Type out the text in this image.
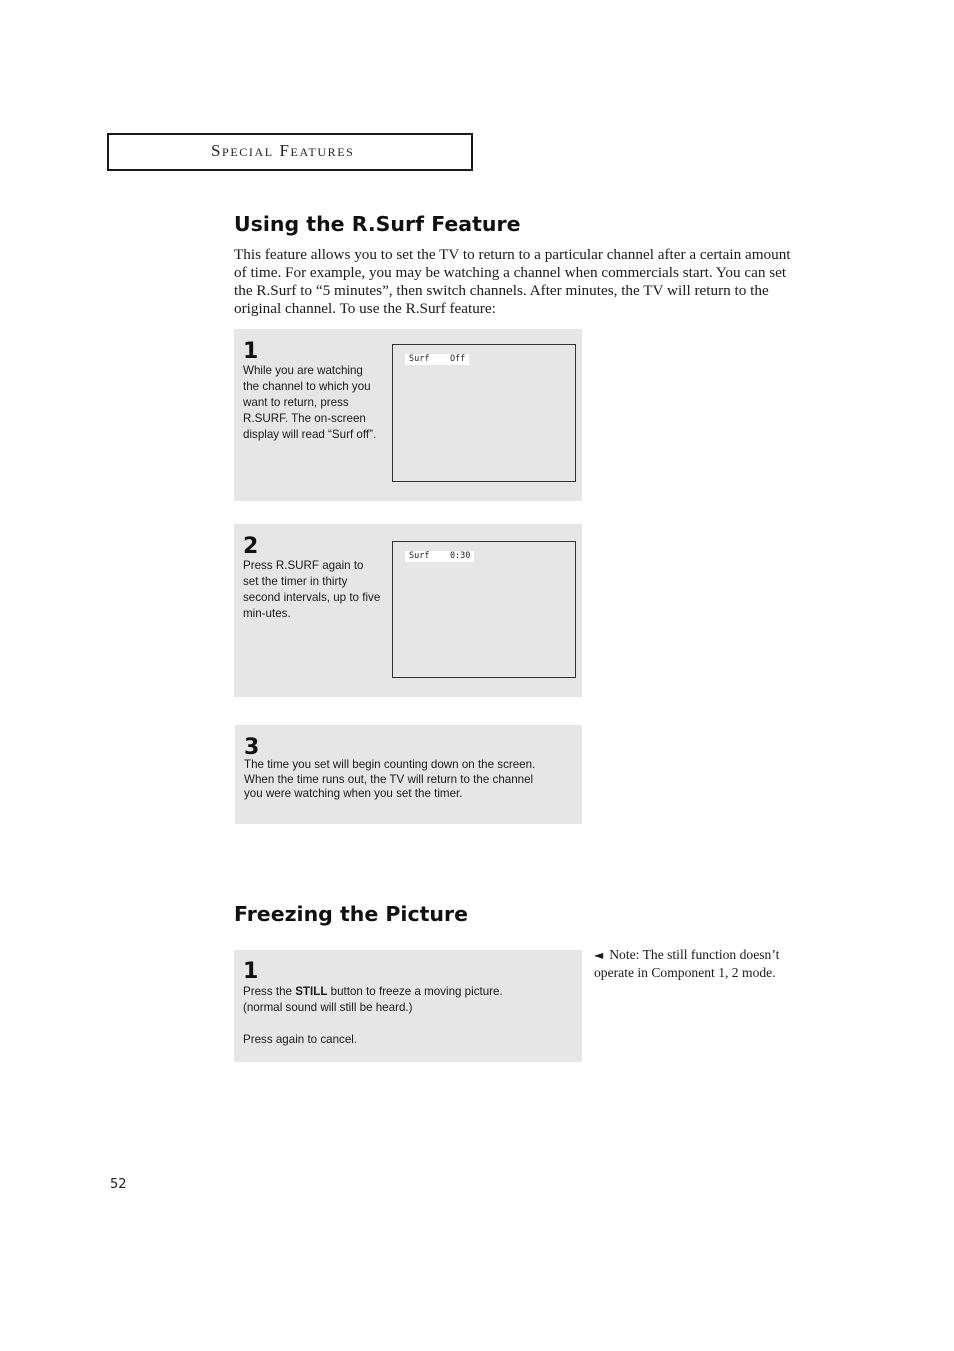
Special Features
Using the R.Surf Feature

This feature allows you to set the TV to return to a particular channel after a certain amount of time. For example, you may be watching a channel when commercials start. You can set the R.Surf to “5 minutes”, then switch channels. After minutes, the TV will return to the original channel. To use the R.Surf feature:

1

While you are watching the channel to which you want to return, press R.SURF. The on-screen display will read “Surf off”.

Surf    Off
2

Press R.SURF again to set the timer in thirty second intervals, up to five min-utes.

Surf    0:30
3

The time you set will begin counting down on the screen. When the time runs out, the TV will return to the channel you were watching when you set the timer.

Freezing the Picture
1

Press the STILL button to freeze a moving picture. (normal sound will still be heard.)

Press again to cancel.

◄ Note: The still function doesn’t operate in Component 1, 2 mode.

52
